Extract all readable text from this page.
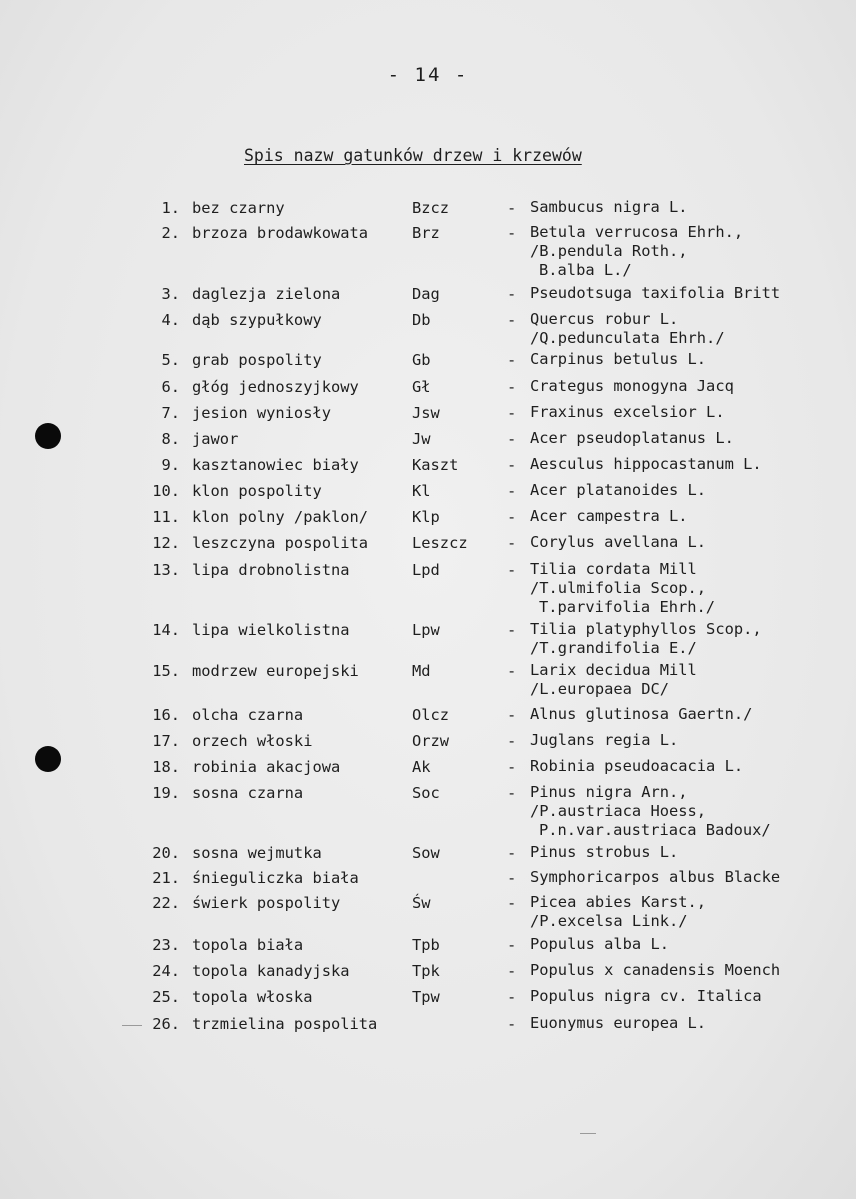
- 14 -
Spis nazw gatunków drzew i krzewów
1. bez czarny	Bzcz	- Sambucus nigra L.
2. brzoza brodawkowata	Brz	- Betula verrucosa Ehrh.,
/B.pendula Roth.,
B.alba L./
3. daglezja zielona	Dag	- Pseudotsuga taxifolia Britt
4. dąb szypułkowy	Db	- Quercus robur L.
/Q.pedunculata Ehrh./
5. grab pospolity	Gb	- Carpinus betulus L.
6. głóg jednoszyjkowy	Gł	- Crategus monogyna Jacq
7. jesion wyniosły	Jsw	- Fraxinus excelsior L.
8. jawor	Jw	- Acer pseudoplatanus L.
9. kasztanowiec biały	Kaszt	- Aesculus hippocastanum L.
10. klon pospolity	Kl	- Acer platanoides L.
11. klon polny /paklon/	Klp	- Acer campestra L.
12. leszczyna pospolita	Leszcz	- Corylus avellana L.
13. lipa drobnolistna	Lpd	- Tilia cordata Mill
/T.ulmifolia Scop.,
T.parvifolia Ehrh./
14. lipa wielkolistna	Lpw	- Tilia platyphyllos Scop.,
/T.grandifolia E./
15. modrzew europejski	Md	- Larix decidua Mill
/L.europaea DC/
16. olcha czarna	Olcz	- Alnus glutinosa Gaertn./
17. orzech włoski	Orzw	- Juglans regia L.
18. robinia akacjowa	Ak	- Robinia pseudoacacia L.
19. sosna czarna	Soc	- Pinus nigra Arn.,
/P.austriaca Hoess,
P.n.var.austriaca Badoux/
20. sosna wejmutka	Sow	- Pinus strobus L.
21. śnieguliczka biała	- Symphoricarpos albus Blacke
22. świerk pospolity	Św	- Picea abies Karst.,
/P.excelsa Link./
23. topola biała	Tpb	- Populus alba L.
24. topola kanadyjska	Tpk	- Populus x canadensis Moench
25. topola włoska	Tpw	- Populus nigra cv. Italica
26. trzmielina pospolita	- Euonymus europea L.
